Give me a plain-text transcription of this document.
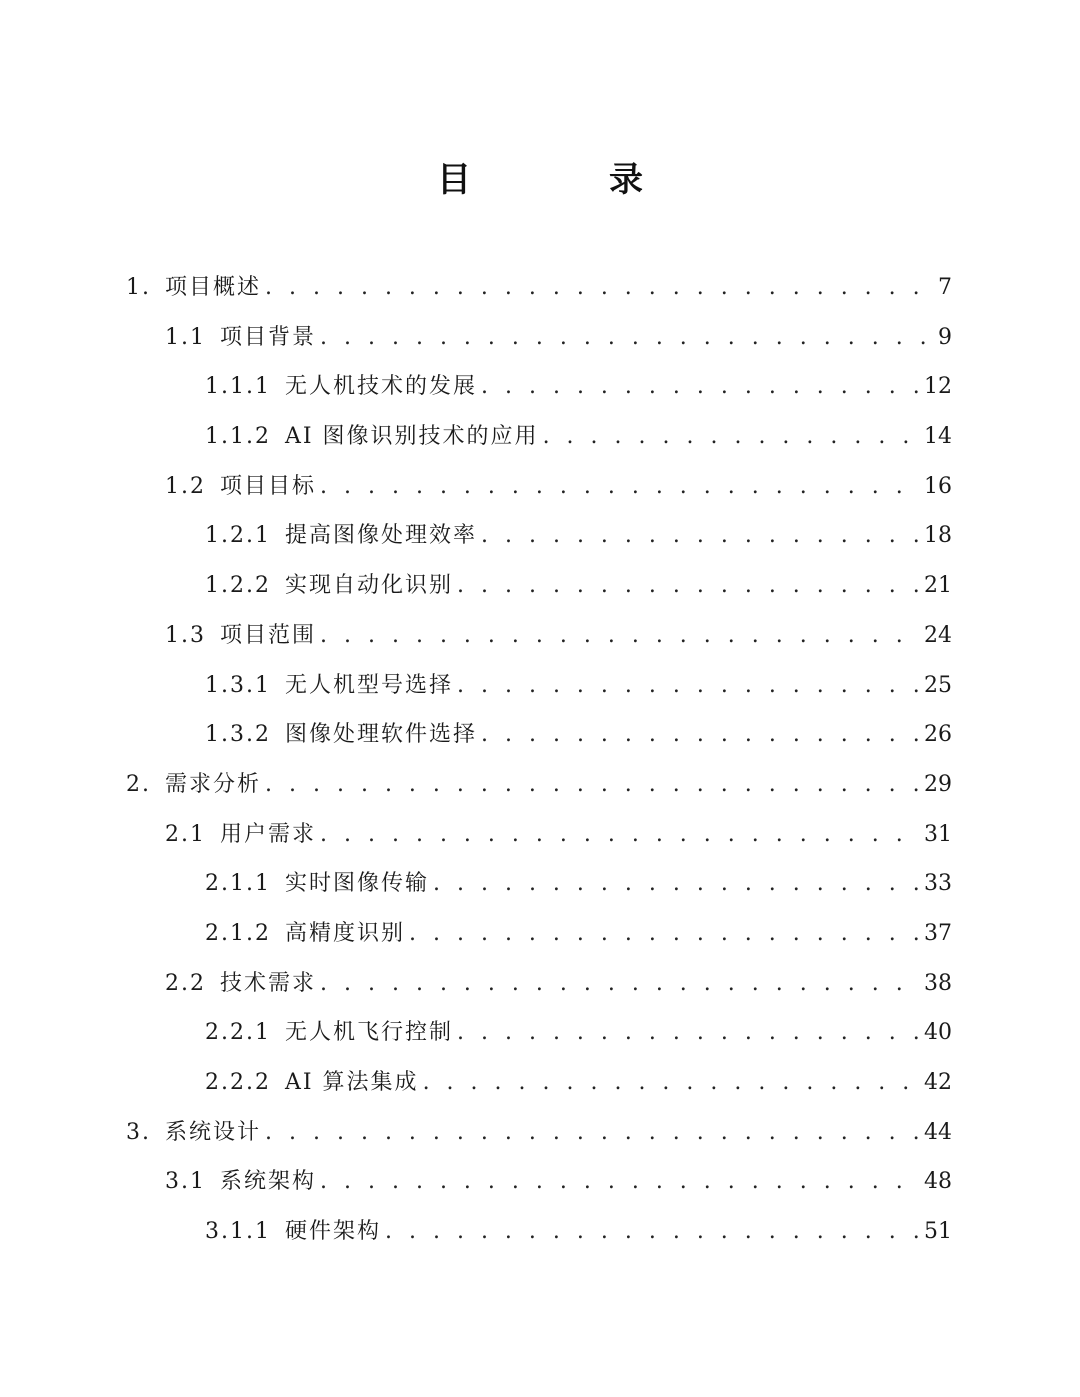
目　录
1. 项目概述 . . .	7
1.1 项目背景 . . .	9
1.1.1 无人机技术的发展 . . .	12
1.1.2 AI 图像识别技术的应用 . . .	14
1.2 项目目标 . . .	16
1.2.1 提高图像处理效率 . . .	18
1.2.2 实现自动化识别 . . .	21
1.3 项目范围 . . .	24
1.3.1 无人机型号选择 . . .	25
1.3.2 图像处理软件选择 . . .	26
2. 需求分析 . . .	29
2.1 用户需求 . . .	31
2.1.1 实时图像传输 . . .	33
2.1.2 高精度识别 . . .	37
2.2 技术需求 . . .	38
2.2.1 无人机飞行控制 . . .	40
2.2.2 AI 算法集成 . . .	42
3. 系统设计 . . .	44
3.1 系统架构 . . .	48
3.1.1 硬件架构 . . .	51
